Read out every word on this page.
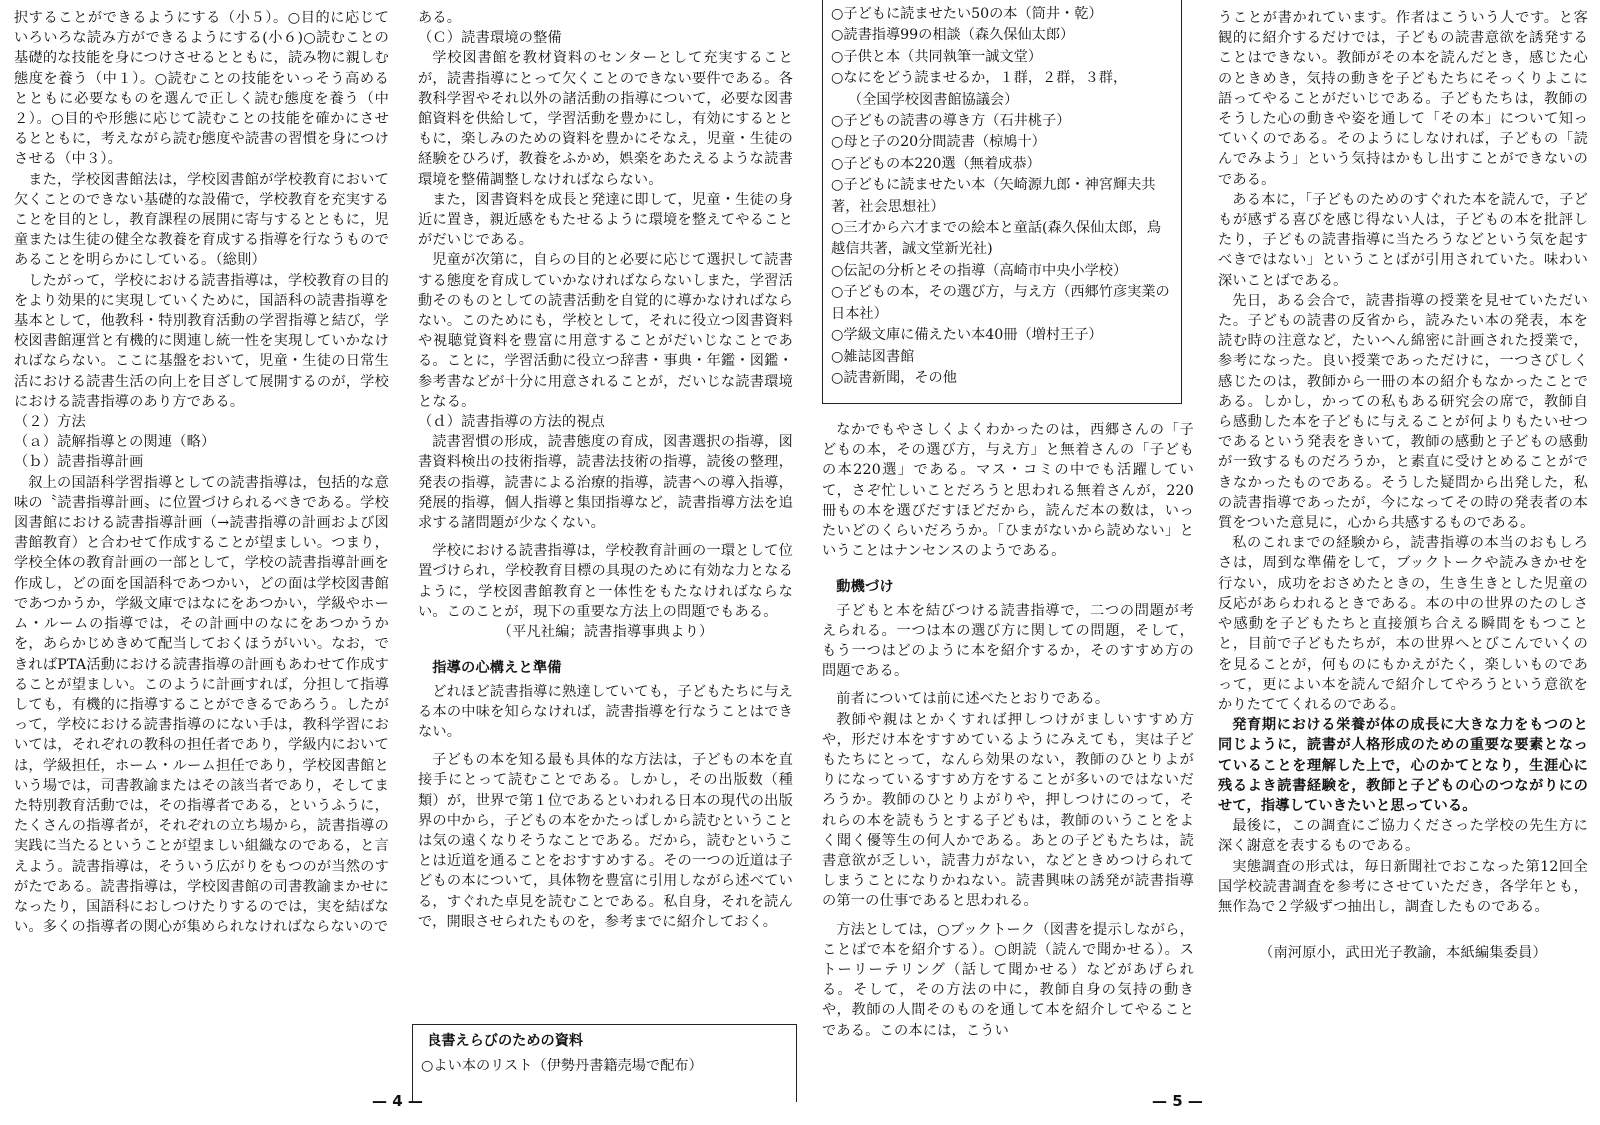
択することができるようにする（小５）。○目的に応じていろいろな読み方ができるようにする(小６)○読むことの基礎的な技能を身につけさせるとともに，読み物に親しむ態度を養う（中１）。○読むことの技能をいっそう高めるとともに必要なものを選んで正しく読む態度を養う（中２）。○目的や形態に応じて読むことの技能を確かにさせるとともに，考えながら読む態度や読書の習慣を身につけさせる（中３）。

また，学校図書館法は，学校図書館が学校教育において欠くことのできない基礎的な設備で，学校教育を充実することを目的とし，教育課程の展開に寄与するとともに，児童または生徒の健全な教養を育成する指導を行なうものであることを明らかにしている。（総則）

したがって，学校における読書指導は，学校教育の目的をより効果的に実現していくために，国語科の読書指導を基本として，他教科・特別教育活動の学習指導と結び，学校図書館運営と有機的に関連し統一性を実現していかなければならない。ここに基盤をおいて，児童・生徒の日常生活における読書生活の向上を目ざして展開するのが，学校における読書指導のあり方である。

（２）方法

（ａ）読解指導との関連（略）

（ｂ）読書指導計画

叙上の国語科学習指導としての読書指導は，包括的な意味の〝読書指導計画〟に位置づけられるべきである。学校図書館における読書指導計画（→読書指導の計画および図書館教育）と合わせて作成することが望ましい。つまり，学校全体の教育計画の一部として，学校の読書指導計画を作成し，どの面を国語科であつかい，どの面は学校図書館であつかうか，学級文庫ではなにをあつかい，学級やホーム・ルームの指導では，その計画中のなにをあつかうかを，あらかじめきめて配当しておくほうがいい。なお，できればPTA活動における読書指導の計画もあわせて作成することが望ましい。このように計画すれば，分担して指導しても，有機的に指導することができるであろう。したがって，学校における読書指導のにない手は，教科学習においては，それぞれの教科の担任者であり，学級内においては，学級担任，ホーム・ルーム担任であり，学校図書館という場では，司書教諭またはその該当者であり，そしてまた特別教育活動では，その指導者である，というふうに，たくさんの指導者が，それぞれの立ち場から，読書指導の実践に当たるということが望ましい組織なのである，と言えよう。読書指導は，そういう広がりをもつのが当然のすがたである。読書指導は，学校図書館の司書教諭まかせになったり，国語科におしつけたりするのでは，実を結ばない。多くの指導者の関心が集められなければならないので

ある。

（Ｃ）読書環境の整備

学校図書館を教材資料のセンターとして充実することが，読書指導にとって欠くことのできない要件である。各教科学習やそれ以外の諸活動の指導について，必要な図書館資料を供給して，学習活動を豊かにし，有効にするとともに，楽しみのための資料を豊かにそなえ，児童・生徒の経験をひろげ，教養をふかめ，娯楽をあたえるような読書環境を整備調整しなければならない。

また，図書資料を成長と発達に即して，児童・生徒の身近に置き，親近感をもたせるように環境を整えてやることがだいじである。

児童が次第に，自らの目的と必要に応じて選択して読書する態度を育成していかなければならないしまた，学習活動そのものとしての読書活動を自覚的に導かなければならない。このためにも，学校として，それに役立つ図書資料や視聴覚資料を豊富に用意することがだいじなことである。ことに，学習活動に役立つ辞書・事典・年鑑・図鑑・参考書などが十分に用意されることが，だいじな読書環境となる。

（ｄ）読書指導の方法的視点

読書習慣の形成，読書態度の育成，図書選択の指導，図書資料検出の技術指導，読書法技術の指導，読後の整理，発表の指導，読書による治療的指導，読書への導入指導，発展的指導，個人指導と集団指導など，読書指導方法を追求する諸問題が少なくない。

学校における読書指導は，学校教育計画の一環として位置づけられ，学校教育目標の具現のために有効な力となるように，学校図書館教育と一体性をもたなければならない。このことが，現下の重要な方法上の問題でもある。

（平凡社編；読書指導事典より）

指導の心構えと準備

どれほど読書指導に熟達していても，子どもたちに与える本の中味を知らなければ，読書指導を行なうことはできない。

子どもの本を知る最も具体的な方法は，子どもの本を直接手にとって読むことである。しかし，その出版数（種類）が，世界で第１位であるといわれる日本の現代の出版界の中から，子どもの本をかたっぱしから読むということは気の遠くなりそうなことである。だから，読むということは近道を通ることをおすすめする。その一つの近道は子どもの本について，具体物を豊富に引用しながら述べている，すぐれた卓見を読むことである。私自身，それを読んで，開眼させられたものを，参考までに紹介しておく。

良書えらびのための資料
○よい本のリスト（伊勢丹書籍売場で配布）

なかでもやさしくよくわかったのは，西郷さんの「子どもの本，その選び方，与え方」と無着さんの「子どもの本220選」である。マス・コミの中でも活躍していて，さぞ忙しいことだろうと思われる無着さんが，220冊もの本を選びだすほどだから，読んだ本の数は，いったいどのくらいだろうか。「ひまがないから読めない」ということはナンセンスのようである。

動機づけ

子どもと本を結びつける読書指導で，二つの問題が考えられる。一つは本の選び方に関しての問題，そして，もう一つはどのように本を紹介するか，そのすすめ方の問題である。

前者については前に述べたとおりである。

教師や親はとかくすれば押しつけがましいすすめ方や，形だけ本をすすめているようにみえても，実は子どもたちにとって，なんら効果のない，教師のひとりよがりになっているすすめ方をすることが多いのではないだろうか。教師のひとりよがりや，押しつけにのって，それらの本を読もうとする子どもは，教師のいうことをよく聞く優等生の何人かである。あとの子どもたちは，読書意欲が乏しい，読書力がない，などときめつけられてしまうことになりかねない。読書興味の誘発が読書指導の第一の仕事であると思われる。

方法としては，○ブックトーク（図書を提示しながら，ことばで本を紹介する）。○朗読（読んで聞かせる）。ストーリーテリング（話して聞かせる）などがあげられる。そして，その方法の中に，教師自身の気持の動きや，教師の人間そのものを通して本を紹介してやることである。この本には，こうい

○子どもに読ませたい50の本（筒井・乾）

○読書指導99の相談（森久保仙太郎）

○子供と本（共同執筆一誠文堂）

○なにをどう読ませるか，１群，２群，３群，

（全国学校図書館協議会）

○子どもの読書の導き方（石井桃子）

○母と子の20分間読書（椋鳩十）

○子どもの本220選（無着成恭）

○子どもに読ませたい本（矢崎源九郎・神宮輝夫共著，社会思想社）

○三才から六才までの絵本と童話(森久保仙太郎，鳥越信共著，誠文堂新光社)

○伝記の分析とその指導（高崎市中央小学校）

○子どもの本，その選び方，与え方（西郷竹彦実業の日本社）

○学級文庫に備えたい本40冊（増村王子）

○雑誌図書館

○読書新聞，その他

うことが書かれています。作者はこういう人です。と客観的に紹介するだけでは，子どもの読書意欲を誘発することはできない。教師がその本を読んだとき，感じた心のときめき，気持の動きを子どもたちにそっくりよこに語ってやることがだいじである。子どもたちは，教師のそうした心の動きや姿を通して「その本」について知っていくのである。そのようにしなければ，子どもの「読んでみよう」という気持はかもし出すことができないのである。

ある本に，「子どものためのすぐれた本を読んで，子どもが感ずる喜びを感じ得ない人は，子どもの本を批評したり，子どもの読書指導に当たろうなどという気を起すべきではない」ということばが引用されていた。味わい深いことばである。

先日，ある会合で，読書指導の授業を見せていただいた。子どもの読書の反省から，読みたい本の発表，本を読む時の注意など，たいへん綿密に計画された授業で，参考になった。良い授業であっただけに，一つさびしく感じたのは，教師から一冊の本の紹介もなかったことである。しかし，かっての私もある研究会の席で，教師自ら感動した本を子どもに与えることが何よりもたいせつであるという発表をきいて，教師の感動と子どもの感動が一致するものだろうか，と素直に受けとめることができなかったものである。そうした疑問から出発した，私の読書指導であったが，今になってその時の発表者の本質をついた意見に，心から共感するものである。

私のこれまでの経験から，読書指導の本当のおもしろさは，周到な準備をして，ブックトークや読みきかせを行ない，成功をおさめたときの，生き生きとした児童の反応があらわれるときである。本の中の世界のたのしさや感動を子どもたちと直接頒ち合える瞬間をもつことと，目前で子どもたちが，本の世界へとびこんでいくのを見ることが，何ものにもかえがたく，楽しいものであって，更によい本を読んで紹介してやろうという意欲をかりたててくれるのである。

発育期における栄養が体の成長に大きな力をもつのと同じように，読書が人格形成のための重要な要素となっていることを理解した上で，心のかてとなり，生涯心に残るよき読書経験を，教師と子どもの心のつながりにのせて，指導していきたいと思っている。

最後に，この調査にご協力くださった学校の先生方に深く謝意を表するものである。

実態調査の形式は，毎日新聞社でおこなった第12回全国学校読書調査を参考にさせていただき，各学年とも，無作為で２学級ずつ抽出し，調査したものである。

（南河原小，武田光子教諭，本紙編集委員）

— 4 —	— 5 —
